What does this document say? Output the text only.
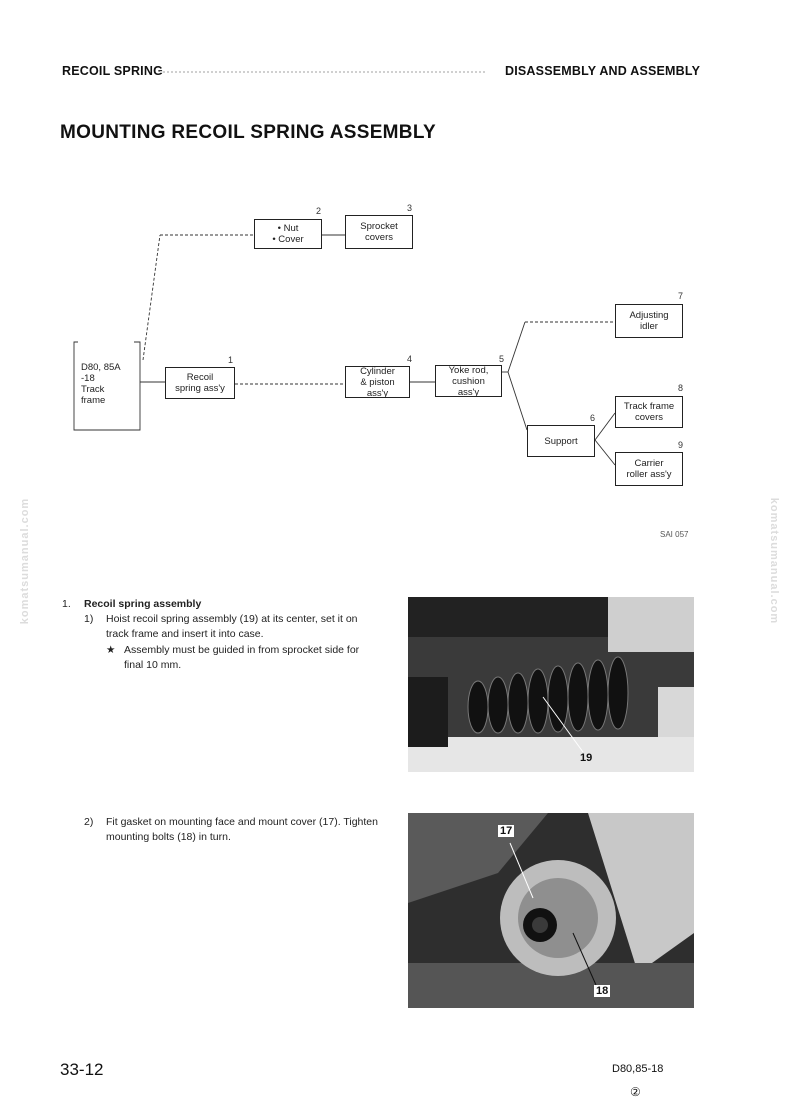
RECOIL SPRING	DISASSEMBLY AND ASSEMBLY
MOUNTING RECOIL SPRING ASSEMBLY
D80, 85A
-18
Track
frame
Recoil
spring ass'y
1
• Nut
• Cover
2
Sprocket
covers
3
Cylinder
& piston
ass'y
4
Yoke rod,
cushion
ass'y
5
Support
6
Adjusting
idler
7
Track frame
covers
8
Carrier
roller ass'y
9
SAI 057
komatsumanual.com	komatsumanual.com
1. Recoil spring assembly
1) Hoist recoil spring assembly (19) at its center, set it on track frame and insert it into case.
★ Assembly must be guided in from sprocket side for final 10 mm.
19
2) Fit gasket on mounting face and mount cover (17). Tighten mounting bolts (18) in turn.	17
18
33-12	D80,85-18
②
